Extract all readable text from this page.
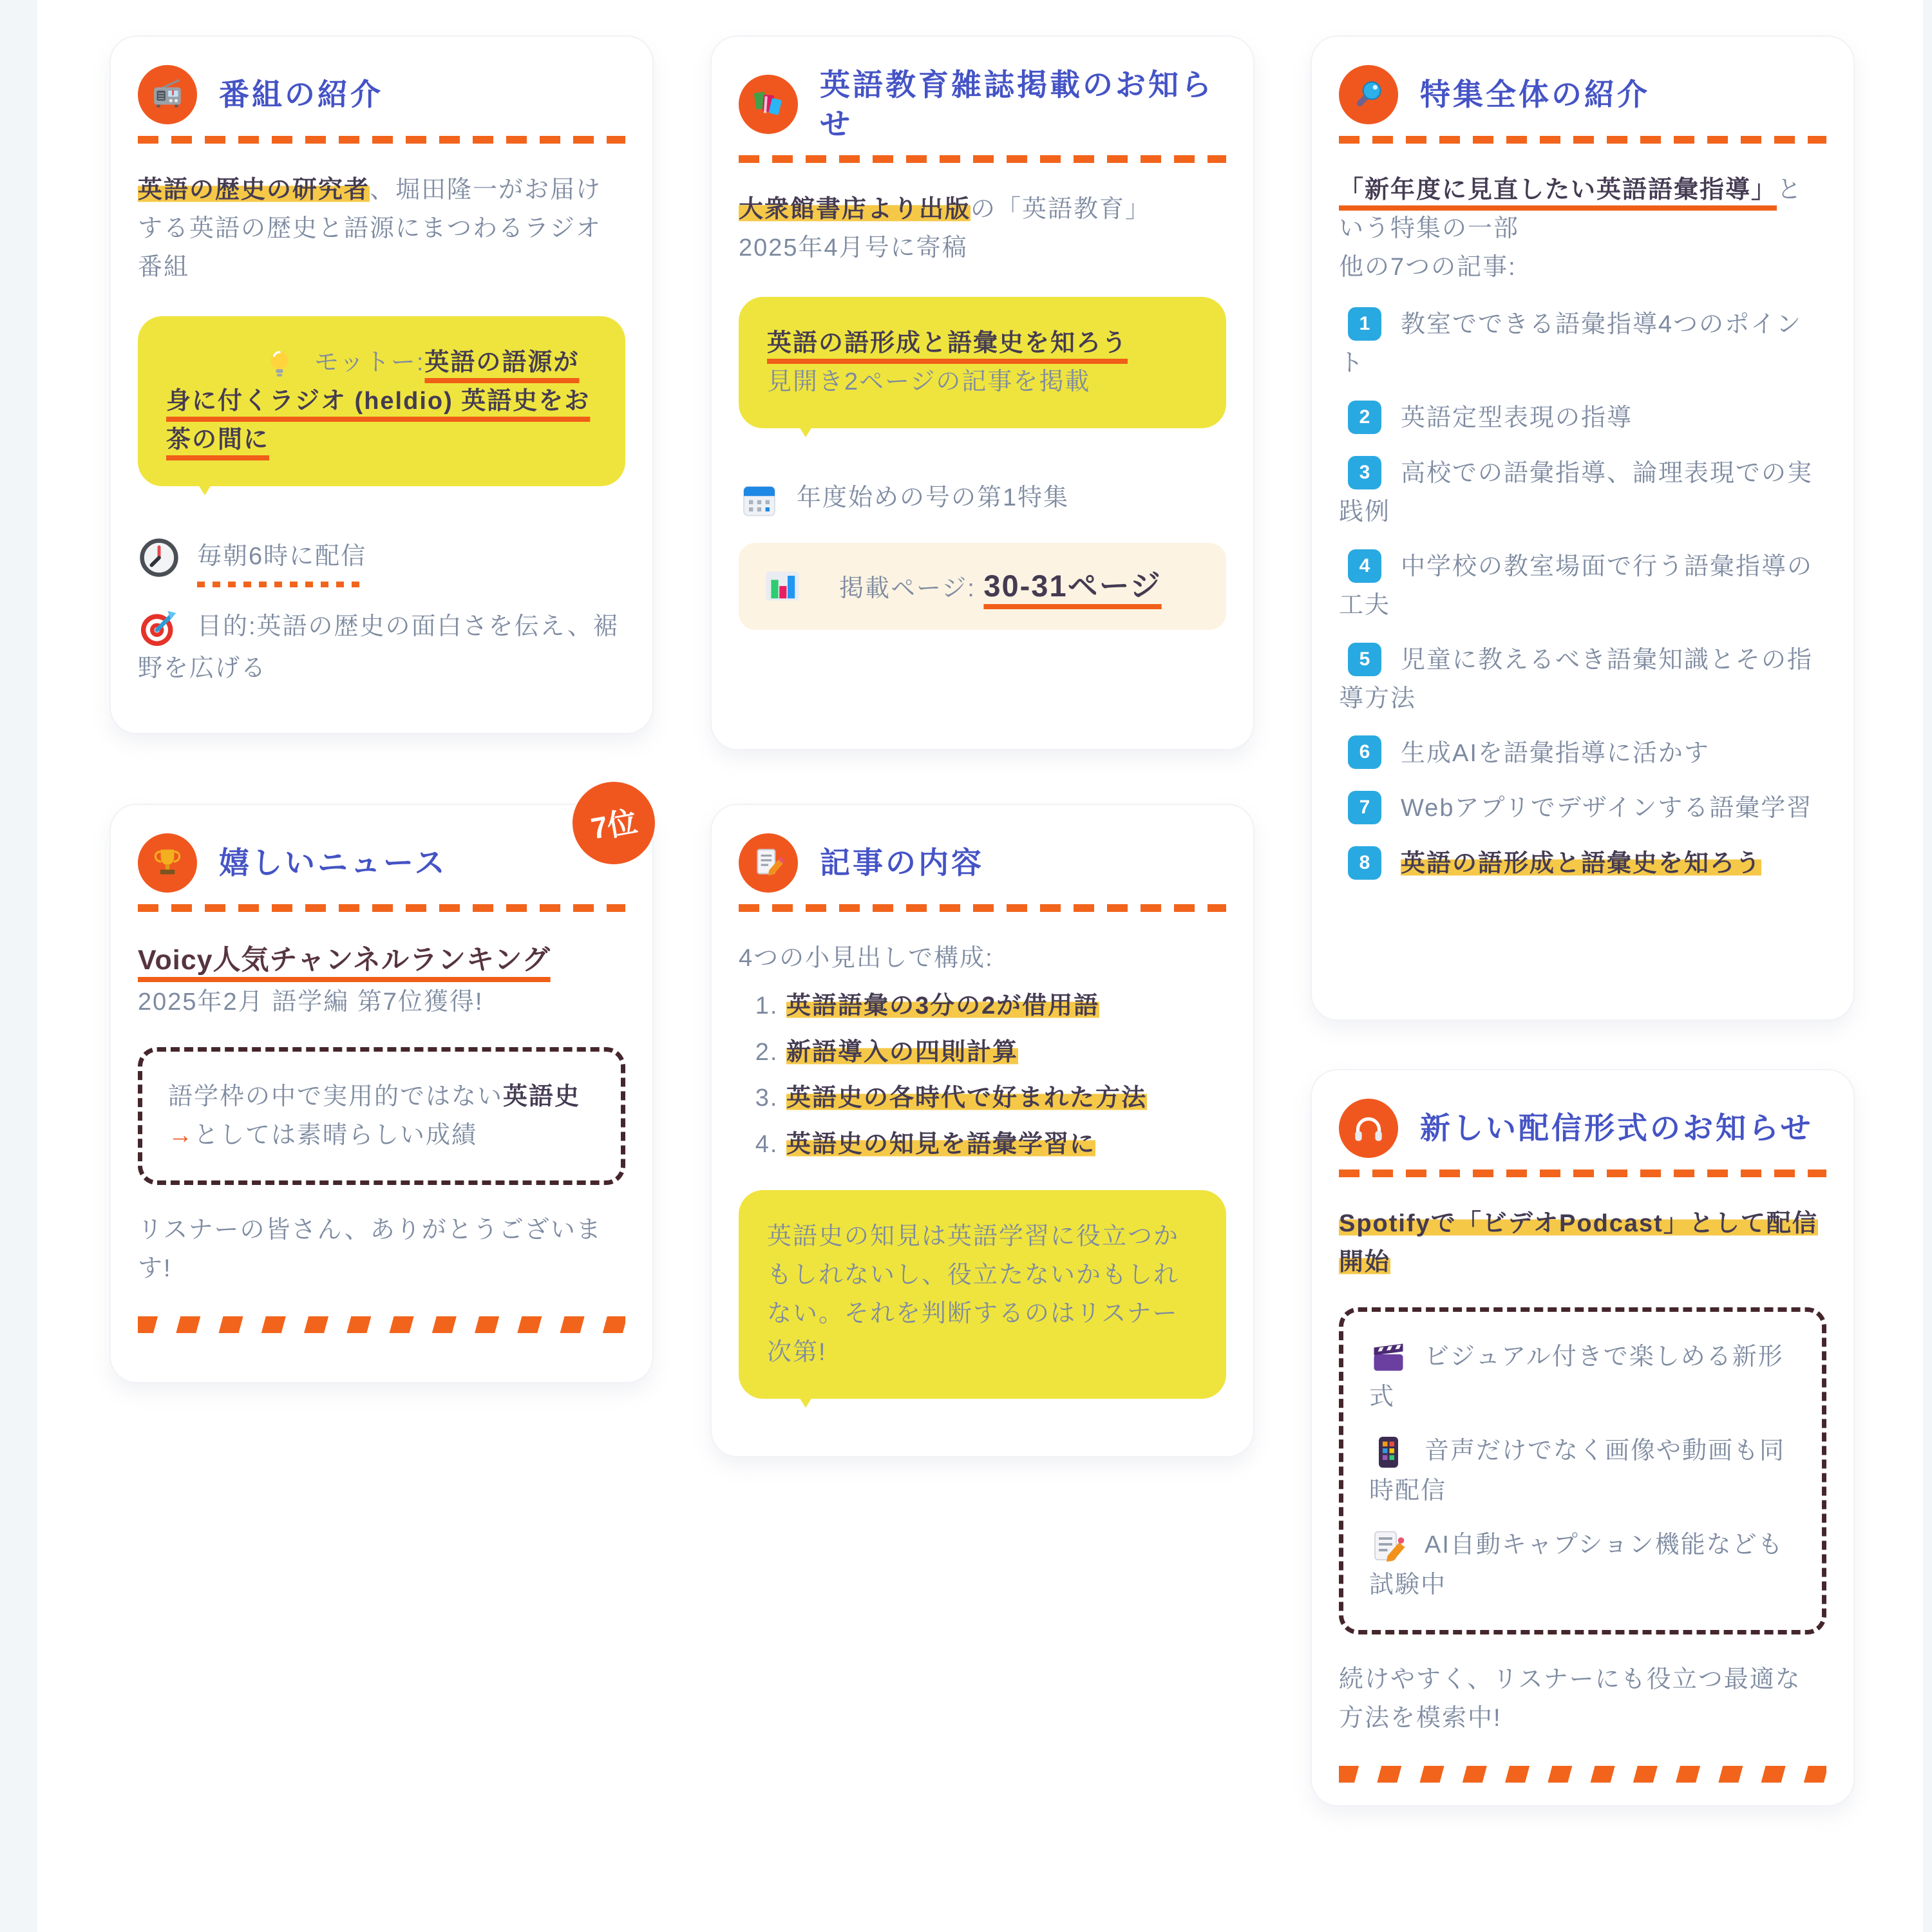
番組の紹介

英語の歴史の研究者、堀田隆一がお届けする英語の歴史と語源にまつわるラジオ番組

モットー:英語の語源が身に付くラジオ (heldio) 英語史をお茶の間に

毎朝6時に配信

目的:英語の歴史の面白さを伝え、裾野を広げる

英語教育雑誌掲載のお知らせ

大衆館書店より出版の「英語教育」
2025年4月号に寄稿

英語の語形成と語彙史を知ろう
見開き2ページの記事を掲載

年度始めの号の第1特集

掲載ページ: 30-31ページ

特集全体の紹介

「新年度に見直したい英語語彙指導」という特集の一部
他の7つの記事:

1 教室でできる語彙指導4つのポイント
2 英語定型表現の指導
3 高校での語彙指導、論理表現での実践例
4 中学校の教室場面で行う語彙指導の工夫
5 児童に教えるべき語彙知識とその指導方法
6 生成AIを語彙指導に活かす
7 Webアプリでデザインする語彙学習
8 英語の語形成と語彙史を知ろう
7位
嬉しいニュース

Voicy人気チャンネルランキング
2025年2月 語学編 第7位獲得!

語学枠の中で実用的ではない英語史 →としては素晴らしい成績

リスナーの皆さん、ありがとうございます!

記事の内容

4つの小見出しで構成:

1. 英語語彙の3分の2が借用語
2. 新語導入の四則計算
3. 英語史の各時代で好まれた方法
4. 英語史の知見を語彙学習に

英語史の知見は英語学習に役立つかもしれないし、役立たないかもしれない。それを判断するのはリスナー次第!

新しい配信形式のお知らせ

Spotifyで「ビデオPodcast」として配信開始

ビジュアル付きで楽しめる新形式

音声だけでなく画像や動画も同時配信

AI自動キャプション機能なども試験中

続けやすく、リスナーにも役立つ最適な方法を模索中!
